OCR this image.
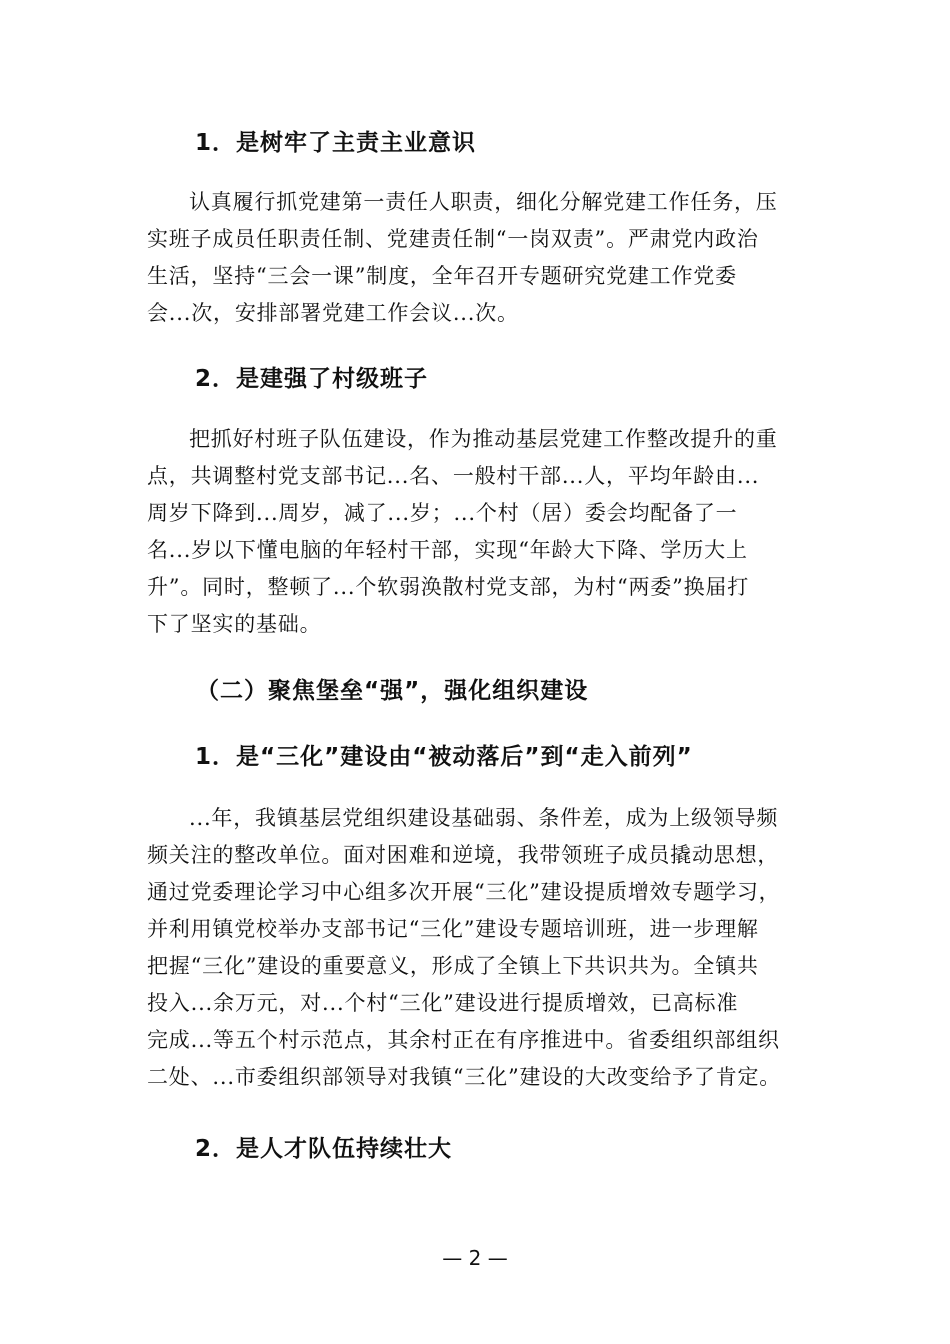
1．是树牢了主责主业意识

认真履行抓党建第一责任人职责，细化分解党建工作任务，压

实班子成员任职责任制、党建责任制“一岗双责”。严肃党内政治

生活，坚持“三会一课”制度，全年召开专题研究党建工作党委

会...次，安排部署党建工作会议...次。

2．是建强了村级班子

把抓好村班子队伍建设，作为推动基层党建工作整改提升的重

点，共调整村党支部书记...名、一般村干部...人，平均年龄由...

周岁下降到...周岁，减了...岁；...个村（居）委会均配备了一

名...岁以下懂电脑的年轻村干部，实现“年龄大下降、学历大上

升”。同时，整顿了...个软弱涣散村党支部，为村“两委”换届打

下了坚实的基础。

（二）聚焦堡垒“强”，强化组织建设
1．是“三化”建设由“被动落后”到“走入前列”

...年，我镇基层党组织建设基础弱、条件差，成为上级领导频

频关注的整改单位。面对困难和逆境，我带领班子成员撬动思想，

通过党委理论学习中心组多次开展“三化”建设提质增效专题学习，

并利用镇党校举办支部书记“三化”建设专题培训班，进一步理解

把握“三化”建设的重要意义，形成了全镇上下共识共为。全镇共

投入...余万元，对...个村“三化”建设进行提质增效，已高标准

完成...等五个村示范点，其余村正在有序推进中。省委组织部组织

二处、...市委组织部领导对我镇“三化”建设的大改变给予了肯定。

2．是人才队伍持续壮大
— 2 —
